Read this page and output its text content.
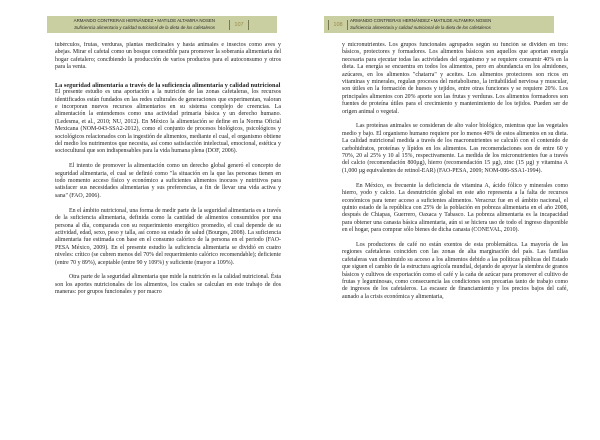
ARMANDO CONTRERAS HERNÁNDEZ • MATILDE ALTAMIRA NOSEN
Suficiencia alimentaria y calidad nutricional de la dieta de los cafetaleros	107

tubérculos, frutas, verduras, plantas medicinales y hasta animales e insectos como aves y abejas. Mirar el cafetal como un bosque comestible para promover la soberanía alimentaria del hogar cafetalero; concibiendo la producción de varios productos para el autoconsumo y otros para la venta.

La seguridad alimentaria a través de la suficiencia alimentaria y calidad nutricional

El presente estudio es una aportación a la nutrición de las zonas cafetaleras, los recursos identificados están fundados en las redes culturales de generaciones que experimentan, valoran e incorporan nuevos recursos alimentarios en su sistema complejo de creencias. La alimentación la entendemos como una actividad primaria básica y un derecho humano. (Ledesma, et al., 2010; NU, 2012). En México la alimentación se define en la Norma Oficial Mexicana (NOM-043-SSA2-2012), como el conjunto de procesos biológicos, psicológicos y sociológicos relacionados con la ingestión de alimentos, mediante el cual, el organismo obtiene del medio los nutrimentos que necesita, así como satisfacción intelectual, emocional, estética y sociocultural que son indispensables para la vida humana plena (DOF, 2006).

El intento de promover la alimentación como un derecho global generó el concepto de seguridad alimentaria, el cual se definió como "la situación en la que las personas tienen en todo momento acceso físico y económico a suficientes alimentos inocuos y nutritivos para satisfacer sus necesidades alimentarias y sus preferencias, a fin de llevar una vida activa y sana" (FAO, 2006).

En el ámbito nutricional, una forma de medir parte de la seguridad alimentaria es a través de la suficiencia alimentaria, definida como la cantidad de alimentos consumidos por una persona al día, comparada con su requerimiento energético promedio, el cual depende de su actividad, edad, sexo, peso y talla, así como su estado de salud (Bourges, 2008). La suficiencia alimentaria fue estimada con base en el consumo calórico de la persona en el periodo (FAO-PESA México, 2009). En el presente estudio la suficiencia alimentaria se dividió en cuatro niveles: crítico (se cubren menos del 70% del requerimiento calórico recomendable); deficiente (entre 70 y 89%), aceptable (entre 90 y 109%) y suficiente (mayor a 109%).

Otra parte de la seguridad alimentaria que mide la nutrición es la calidad nutricional. Ésta son los aportes nutricionales de los alimentos, los cuales se calculan en este trabajo de dos maneras: por grupos funcionales y por macro

108
ARMANDO CONTRERAS HERNÁNDEZ • MATILDE ALTAMIRA NOSEN
Suficiencia alimentaria y calidad nutricional de la dieta de los cafetaleros

y micronutrientes. Los grupos funcionales agrupados según su función se dividen en tres: básicos, protectores y formadores. Los alimentos básicos son aquellos que aportan energía necesaria para ejecutar todas las actividades del organismo y se requiere consumir 40% en la dieta. La energía se encuentra en todos los alimentos, pero en abundancia en los almidones, azúcares, en los alimentos "chatarra" y aceites. Los alimentos protectores son ricos en vitaminas y minerales, regulan procesos del metabolismo, la irritabilidad nerviosa y muscular, son útiles en la formación de huesos y tejidos, entre otras funciones y se requiere 20%. Los principales alimentos con 20% aporte son las frutas y verduras. Los alimentos formadores son fuentes de proteína útiles para el crecimiento y mantenimiento de los tejidos. Pueden ser de origen animal o vegetal.

Las proteínas animales se consideran de alto valor biológico, mientras que las vegetales medio y bajo. El organismo humano requiere por lo menos 40% de estos alimentos en su dieta. La calidad nutricional medida a través de los macronutrientes se calculó con el contenido de carbohidratos, proteínas y lípidos en los alimentos. Las recomendaciones son de entre 60 y 70%, 20 al 25% y 10 al 15%, respectivamente. La medida de los micronutrientes fue a través del calcio (recomendación 800µg), hierro (recomendación 15 µg), zinc (15 µg) y vitamina A (1,000 µg equivalentes de retinol-EAR) (FAO-PESA, 2009; NOM-086-SSA1-1994).

En México, es frecuente la deficiencia de vitamina A, ácido fólico y minerales como hierro, yodo y calcio. La desnutrición global en este año representa a la falta de recursos económicos para tener acceso a suficientes alimentos. Veracruz fue en el ámbito nacional, el quinto estado de la república con 25% de la población en pobreza alimentaria en el año 2008, después de Chiapas, Guerrero, Oaxaca y Tabasco. La pobreza alimentaria es la incapacidad para obtener una canasta básica alimentaria, aún si se hiciera uso de todo el ingreso disponible en el hogar, para comprar sólo bienes de dicha canasta (CONEVAL, 2010).

Los productores de café no están exentos de esta problemática. La mayoría de las regiones cafetaleras coinciden con las zonas de alta marginación del país. Las familias cafetaleras van disminuido su acceso a los alimentos debido a las políticas públicas del Estado que siguen el cambio de la estructura agrícola mundial, dejando de apoyar la siembra de granos básicos y cultivos de exportación como el café y la caña de azúcar para promover el cultivo de frutas y leguminosas, como consecuencia las condiciones son precarias tanto de trabajo como de ingresos de los cafetaleros. La escasez de financiamiento y los precios bajos del café, aunado a la crisis económica y alimentaria,
